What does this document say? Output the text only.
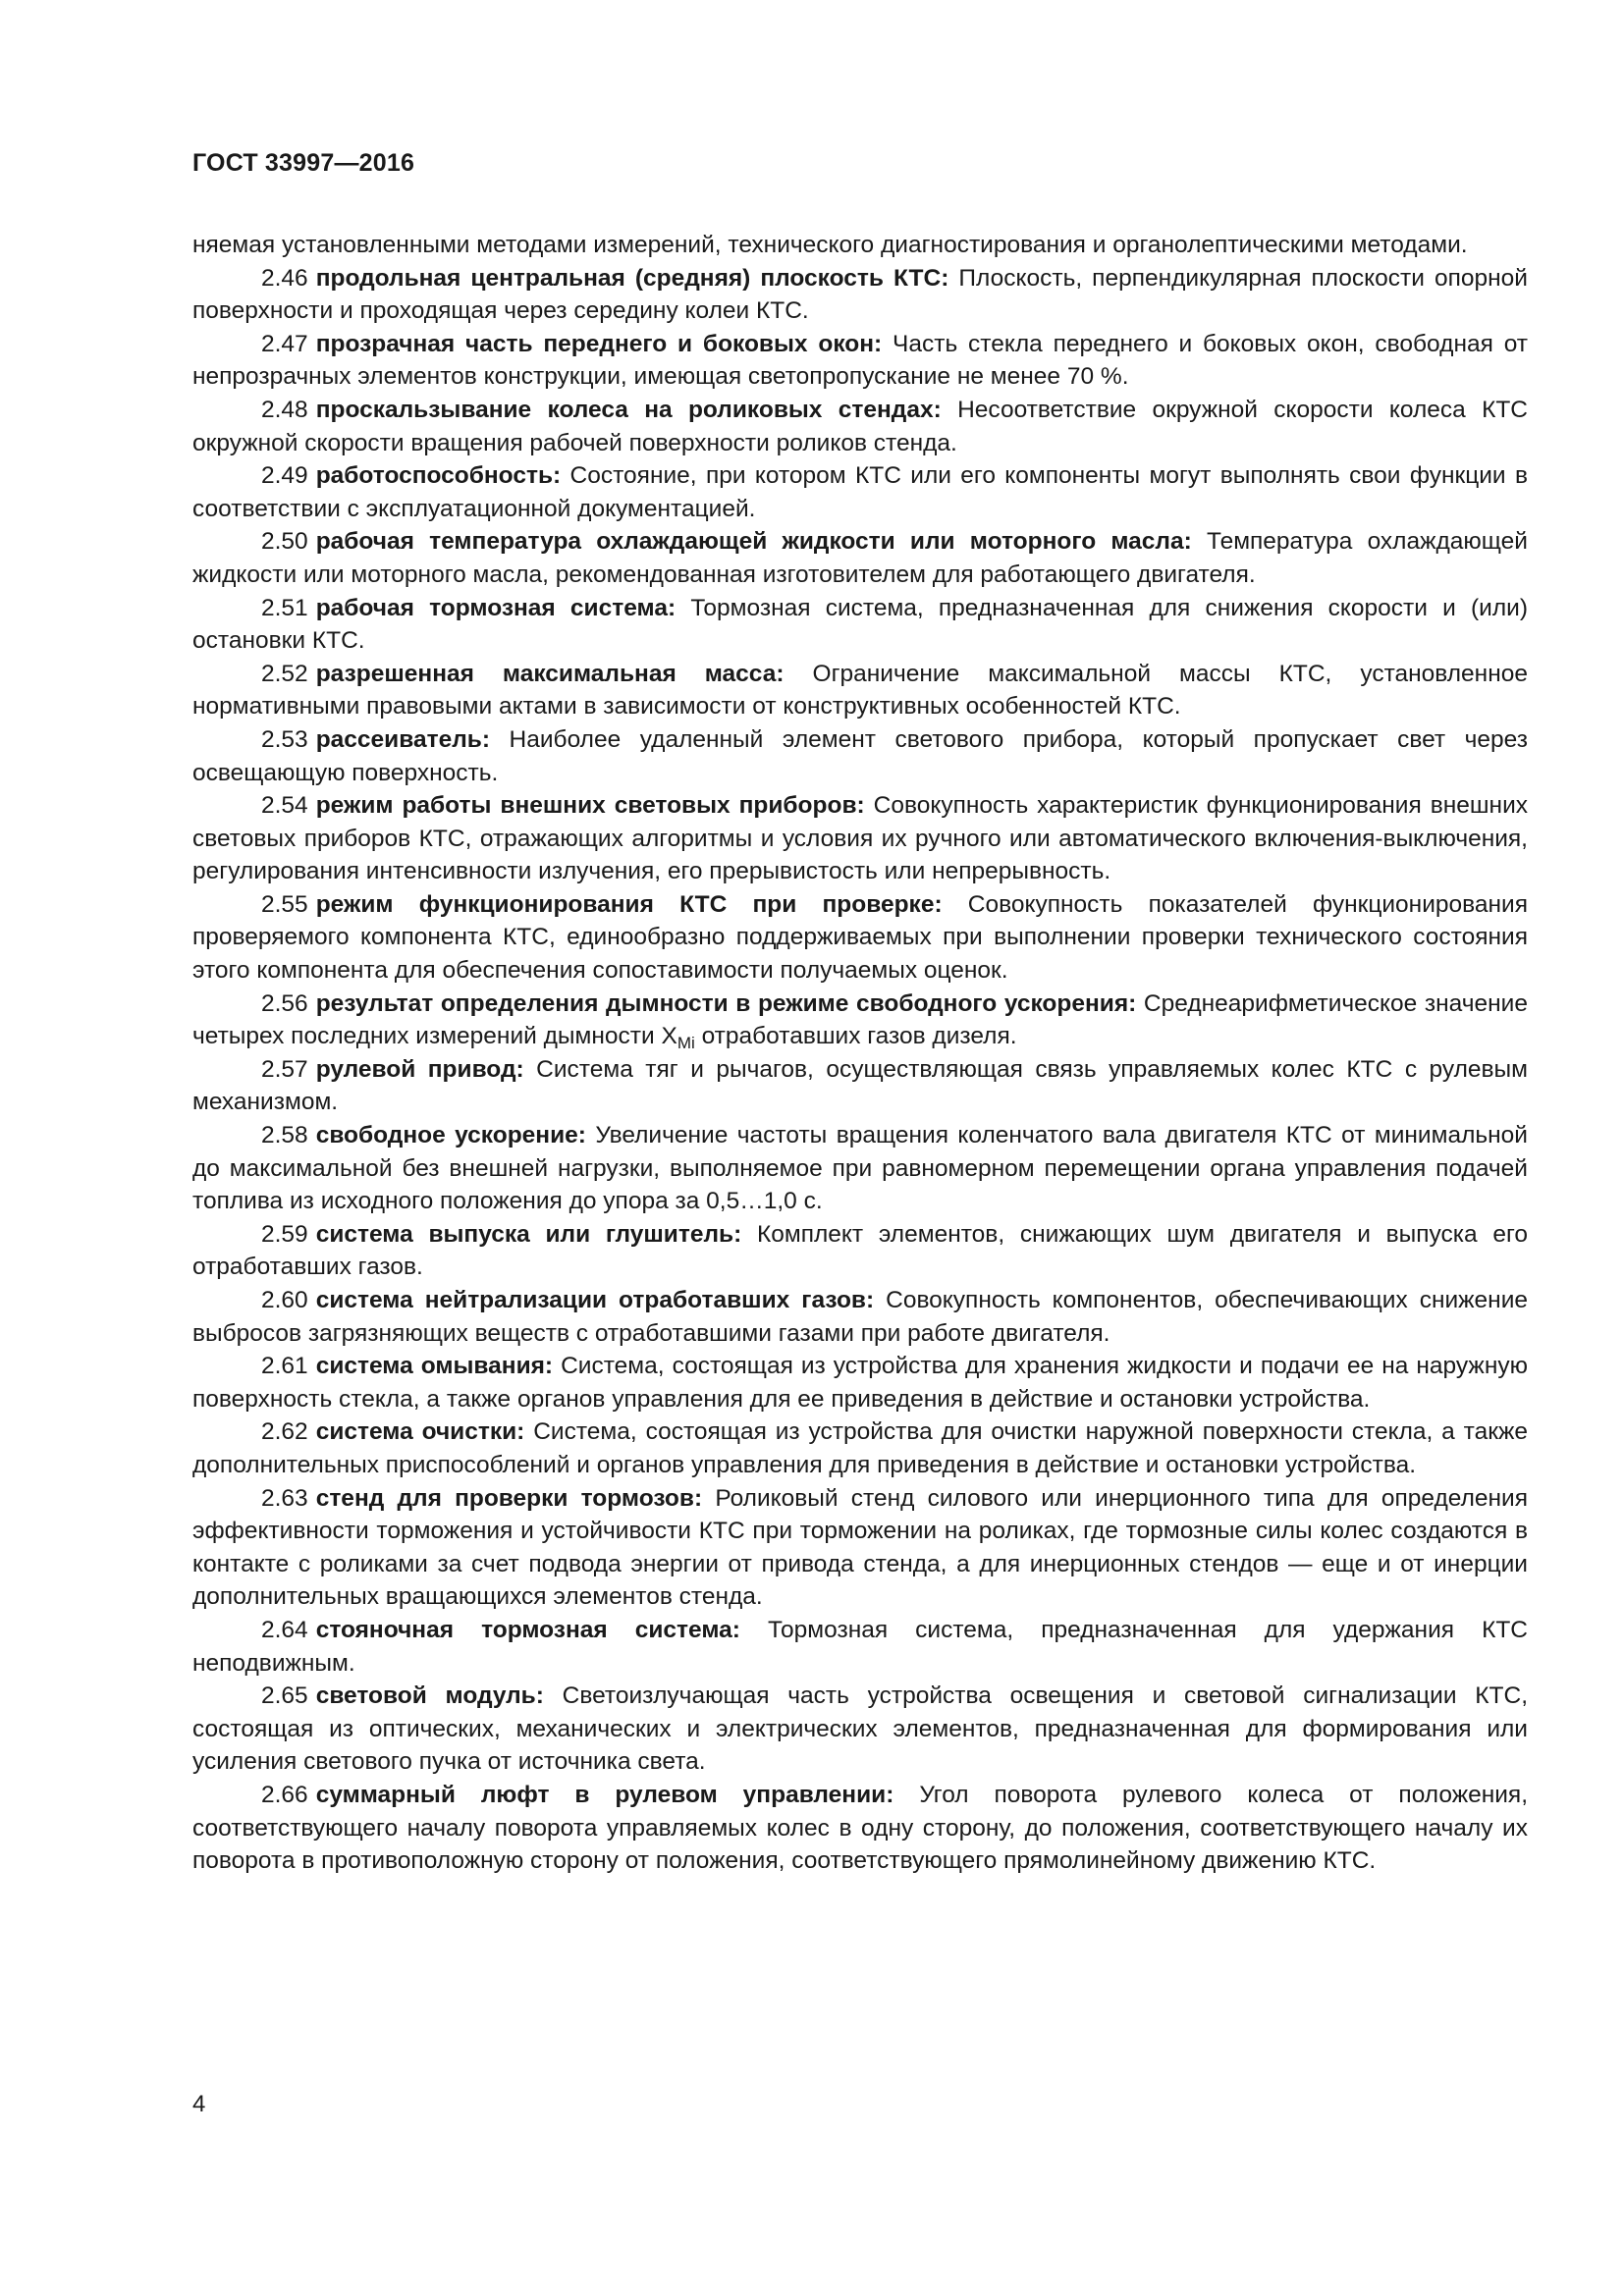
ГОСТ 33997—2016

няемая установленными методами измерений, технического диагностирования и органолептическими методами.

2.46 продольная центральная (средняя) плоскость КТС: Плоскость, перпендикулярная плоскости опорной поверхности и проходящая через середину колеи КТС.

2.47 прозрачная часть переднего и боковых окон: Часть стекла переднего и боковых окон, свободная от непрозрачных элементов конструкции, имеющая светопропускание не менее 70 %.

2.48 проскальзывание колеса на роликовых стендах: Несоответствие окружной скорости колеса КТС окружной скорости вращения рабочей поверхности роликов стенда.

2.49 работоспособность: Состояние, при котором КТС или его компоненты могут выполнять свои функции в соответствии с эксплуатационной документацией.

2.50 рабочая температура охлаждающей жидкости или моторного масла: Температура охлаждающей жидкости или моторного масла, рекомендованная изготовителем для работающего двигателя.

2.51 рабочая тормозная система: Тормозная система, предназначенная для снижения скорости и (или) остановки КТС.

2.52 разрешенная максимальная масса: Ограничение максимальной массы КТС, установленное нормативными правовыми актами в зависимости от конструктивных особенностей КТС.

2.53 рассеиватель: Наиболее удаленный элемент светового прибора, который пропускает свет через освещающую поверхность.

2.54 режим работы внешних световых приборов: Совокупность характеристик функционирования внешних световых приборов КТС, отражающих алгоритмы и условия их ручного или автоматического включения-выключения, регулирования интенсивности излучения, его прерывистость или непрерывность.

2.55 режим функционирования КТС при проверке: Совокупность показателей функционирования проверяемого компонента КТС, единообразно поддерживаемых при выполнении проверки технического состояния этого компонента для обеспечения сопоставимости получаемых оценок.

2.56 результат определения дымности в режиме свободного ускорения: Среднеарифметическое значение четырех последних измерений дымности $X_{Mi}$ отработавших газов дизеля.

2.57 рулевой привод: Система тяг и рычагов, осуществляющая связь управляемых колес КТС с рулевым механизмом.

2.58 свободное ускорение: Увеличение частоты вращения коленчатого вала двигателя КТС от минимальной до максимальной без внешней нагрузки, выполняемое при равномерном перемещении органа управления подачей топлива из исходного положения до упора за 0,5…1,0 с.

2.59 система выпуска или глушитель: Комплект элементов, снижающих шум двигателя и выпуска его отработавших газов.

2.60 система нейтрализации отработавших газов: Совокупность компонентов, обеспечивающих снижение выбросов загрязняющих веществ с отработавшими газами при работе двигателя.

2.61 система омывания: Система, состоящая из устройства для хранения жидкости и подачи ее на наружную поверхность стекла, а также органов управления для ее приведения в действие и остановки устройства.

2.62 система очистки: Система, состоящая из устройства для очистки наружной поверхности стекла, а также дополнительных приспособлений и органов управления для приведения в действие и остановки устройства.

2.63 стенд для проверки тормозов: Роликовый стенд силового или инерционного типа для определения эффективности торможения и устойчивости КТС при торможении на роликах, где тормозные силы колес создаются в контакте с роликами за счет подвода энергии от привода стенда, а для инерционных стендов — еще и от инерции дополнительных вращающихся элементов стенда.

2.64 стояночная тормозная система: Тормозная система, предназначенная для удержания КТС неподвижным.

2.65 световой модуль: Светоизлучающая часть устройства освещения и световой сигнализации КТС, состоящая из оптических, механических и электрических элементов, предназначенная для формирования или усиления светового пучка от источника света.

2.66 суммарный люфт в рулевом управлении: Угол поворота рулевого колеса от положения, соответствующего началу поворота управляемых колес в одну сторону, до положения, соответствующего началу их поворота в противоположную сторону от положения, соответствующего прямолинейному движению КТС.

4
